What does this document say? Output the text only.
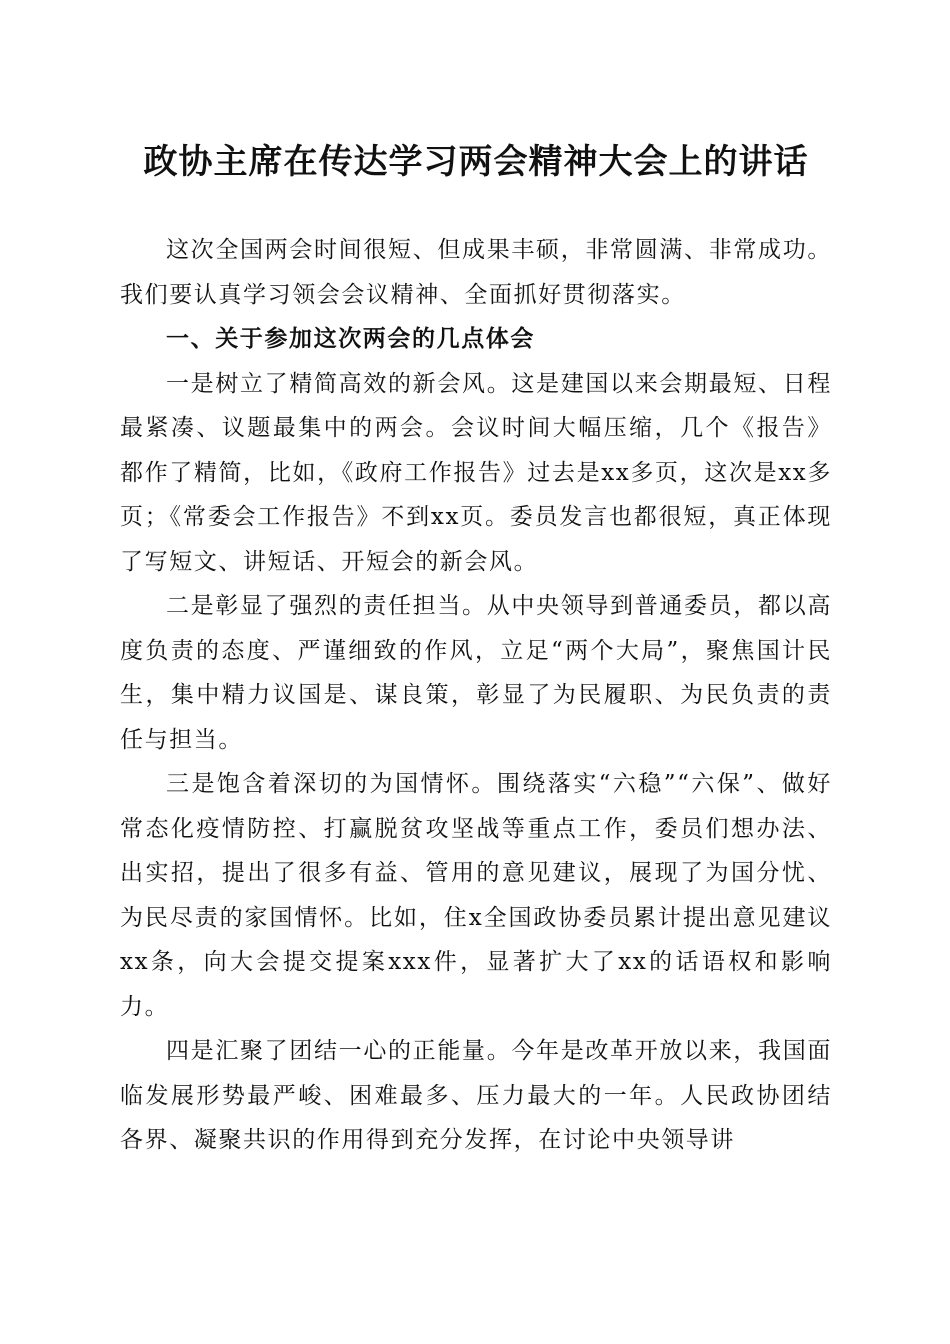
政协主席在传达学习两会精神大会上的讲话

这次全国两会时间很短、但成果丰硕，非常圆满、非常成功。我们要认真学习领会会议精神、全面抓好贯彻落实。

一、关于参加这次两会的几点体会

一是树立了精简高效的新会风。这是建国以来会期最短、日程最紧凑、议题最集中的两会。会议时间大幅压缩，几个《报告》都作了精简，比如，《政府工作报告》过去是xx多页，这次是xx多页；《常委会工作报告》不到xx页。委员发言也都很短，真正体现了写短文、讲短话、开短会的新会风。

二是彰显了强烈的责任担当。从中央领导到普通委员，都以高度负责的态度、严谨细致的作风，立足“两个大局”，聚焦国计民生，集中精力议国是、谋良策，彰显了为民履职、为民负责的责任与担当。

三是饱含着深切的为国情怀。围绕落实“六稳”“六保”、做好常态化疫情防控、打赢脱贫攻坚战等重点工作，委员们想办法、出实招，提出了很多有益、管用的意见建议，展现了为国分忧、为民尽责的家国情怀。比如，住x全国政协委员累计提出意见建议xx条，向大会提交提案xxx件，显著扩大了xx的话语权和影响力。

四是汇聚了团结一心的正能量。今年是改革开放以来，我国面临发展形势最严峻、困难最多、压力最大的一年。人民政协团结各界、凝聚共识的作用得到充分发挥，在讨论中央领导讲
